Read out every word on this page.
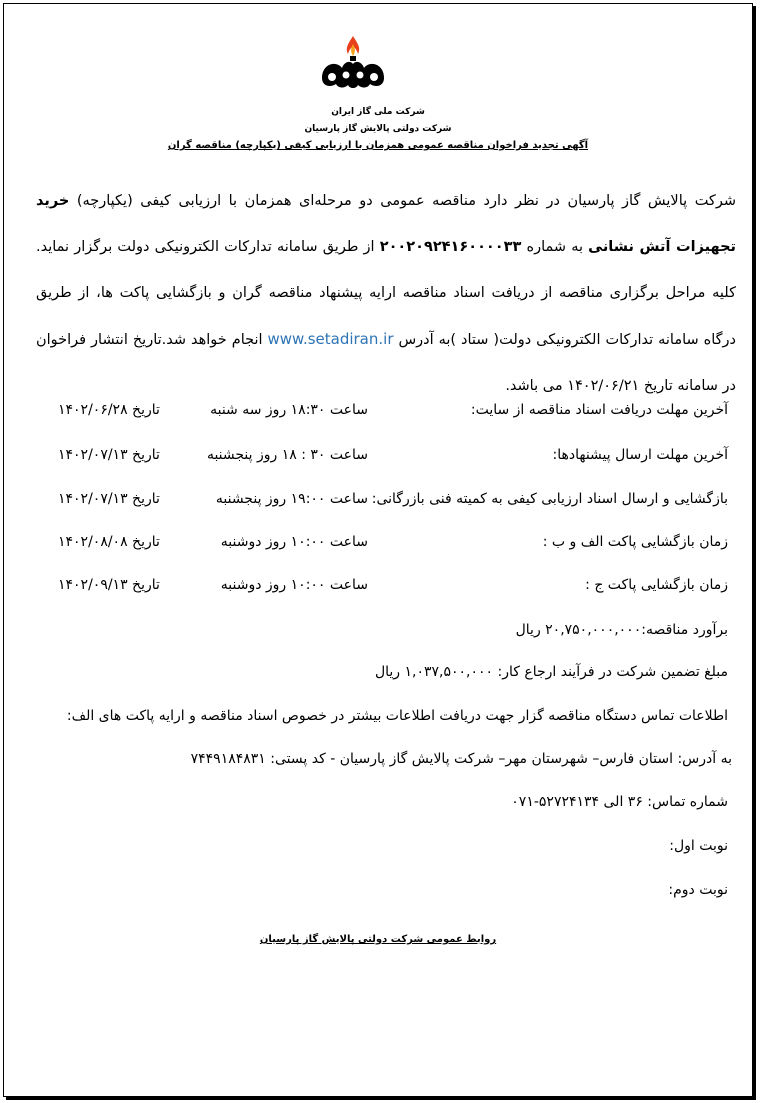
شرکت ملی گاز ایران
شرکت دولتی پالایش گاز پارسیان
آگهی تجدید فراخوان مناقصه عمومی همزمان با ارزیابی کیفی (یکپارچه) مناقصه گران
شرکت پالایش گاز پارسیان در نظر دارد مناقصه عمومی دو مرحله‌ای همزمان با ارزیابی کیفی (یکپارچه) خرید تجهیزات آتش نشانی به شماره ۲۰۰۲۰۹۲۴۱۶۰۰۰۰۳۳ از طریق سامانه تدارکات الکترونیکی دولت برگزار نماید. کلیه مراحل برگزاری مناقصه از دریافت اسناد مناقصه ارایه پیشنهاد مناقصه گران و بازگشایی پاکت ها، از طریق درگاه سامانه تدارکات الکترونیکی دولت( ستاد )به آدرس www.setadiran.ir انجام خواهد شد.تاریخ انتشار فراخوان در سامانه تاریخ ۱۴۰۲/۰۶/۲۱ می باشد.
آخرین مهلت دریافت اسناد مناقصه از سایت:
ساعت ۱۸:۳۰ روز سه شنبه
تاریخ ۱۴۰۲/۰۶/۲۸
آخرین مهلت ارسال پیشنهادها:
ساعت ۳۰ : ۱۸ روز پنجشنبه
تاریخ ۱۴۰۲/۰۷/۱۳
بازگشایی و ارسال اسناد ارزیابی کیفی به کمیته فنی بازرگانی:
ساعت ۱۹:۰۰ روز پنجشنبه
تاریخ ۱۴۰۲/۰۷/۱۳
زمان بازگشایی پاکت الف و ب :
ساعت ۱۰:۰۰ روز دوشنبه
تاریخ ۱۴۰۲/۰۸/۰۸
زمان بازگشایی پاکت ج :
ساعت ۱۰:۰۰ روز دوشنبه
تاریخ ۱۴۰۲/۰۹/۱۳
برآورد مناقصه:۲۰,۷۵۰,۰۰۰,۰۰۰ ریال
مبلغ تضمین شرکت در فرآیند ارجاع کار: ۱,۰۳۷,۵۰۰,۰۰۰ ریال
اطلاعات تماس دستگاه مناقصه گزار جهت دریافت اطلاعات بیشتر در خصوص اسناد مناقصه و ارایه پاکت های الف:
به آدرس: استان فارس– شهرستان مهر– شرکت پالایش گاز پارسیان - کد پستی: ۷۴۴۹۱۸۴۸۳۱
شماره تماس: ۳۶ الی ۵۲۷۲۴۱۳۴-۰۷۱
نوبت اول:
نوبت دوم:
روابط عمومی شرکت دولتی پالایش گاز پارسیان
